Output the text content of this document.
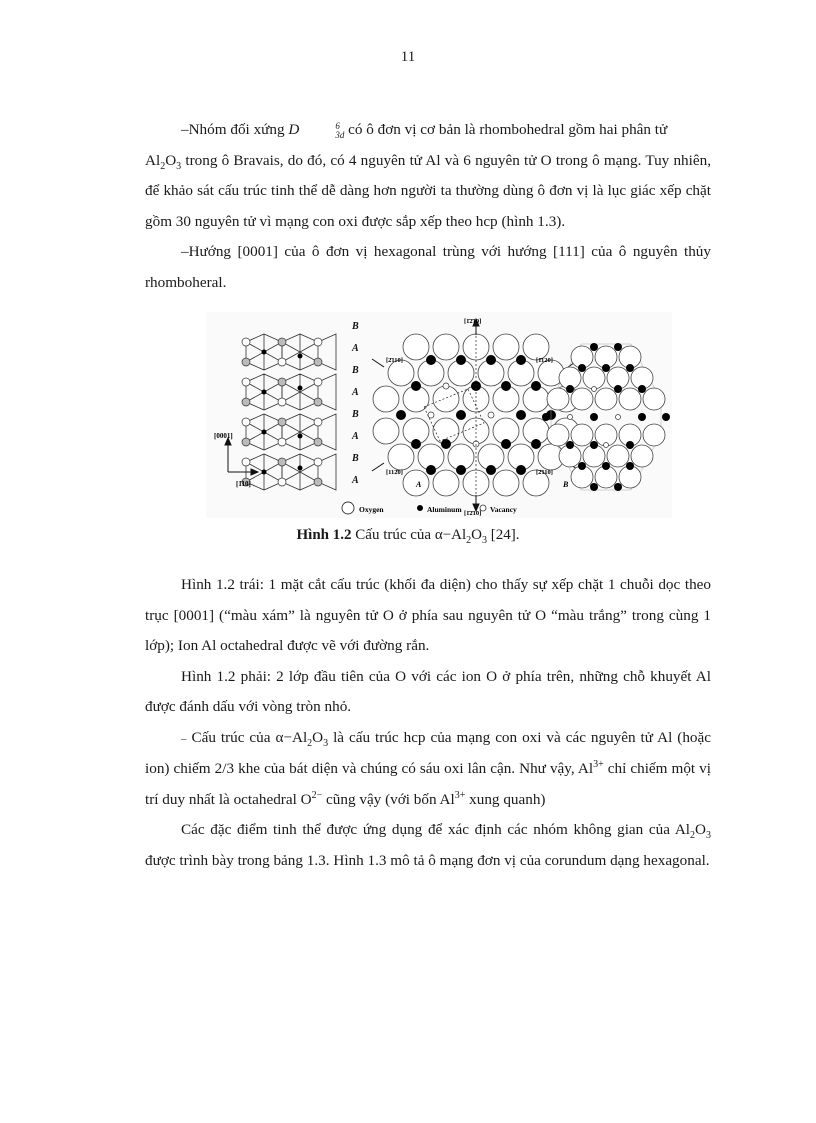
11

–Nhóm đối xứng D	6
3d có ô đơn vị cơ bản là rhombohedral gồm hai phân tử

$Al_2O_3$ trong ô Bravais, do đó, có 4 nguyên tử Al và 6 nguyên tử O trong ô mạng. Tuy nhiên, để khảo sát cấu trúc tinh thể dễ dàng hơn người ta thường dùng ô đơn vị là lục giác xếp chặt gồm 30 nguyên tử vì mạng con oxi được sắp xếp theo hcp (hình 1.3).

–Hướng [0001] của ô đơn vị hexagonal trùng với hướng [111] của ô nguyên thủy rhomboheral.

B
A
B
A
B
A
B
A
[0001]
[1̄10]
[1̄2̄10]
[1̄2̄10]
[2̄110]	[1̄120]
[112̄0]	[2̄110]
A	B
Oxygen	Aluminum	Vacancy
Hình 1.2 Cấu trúc của $\alpha-Al_2O_3$ [24].

Hình 1.2 trái: 1 mặt cắt cấu trúc (khối đa diện) cho thấy sự xếp chặt 1 chuỗi dọc theo trục [0001] (“màu xám” là nguyên tử O ở phía sau nguyên tử O “màu trắng” trong cùng 1 lớp); Ion Al octahedral được vẽ với đường rắn.

Hình 1.2 phải: 2 lớp đầu tiên của O với các ion O ở phía trên, những chỗ khuyết Al được đánh dấu với vòng tròn nhỏ.

– Cấu trúc của $\alpha-Al_2O_3$ là cấu trúc hcp của mạng con oxi và các nguyên tử Al (hoặc ion) chiếm 2/3 khe của bát diện và chúng có sáu oxi lân cận. Như vậy, $Al^{3+}$ chỉ chiếm một vị trí duy nhất là octahedral $O^{2-}$ cũng vậy (với bốn $Al^{3+}$ xung quanh)

Các đặc điểm tinh thể được ứng dụng để xác định các nhóm không gian của $Al_2O_3$ được trình bày trong bảng 1.3. Hình 1.3 mô tả ô mạng đơn vị của corundum dạng hexagonal.
